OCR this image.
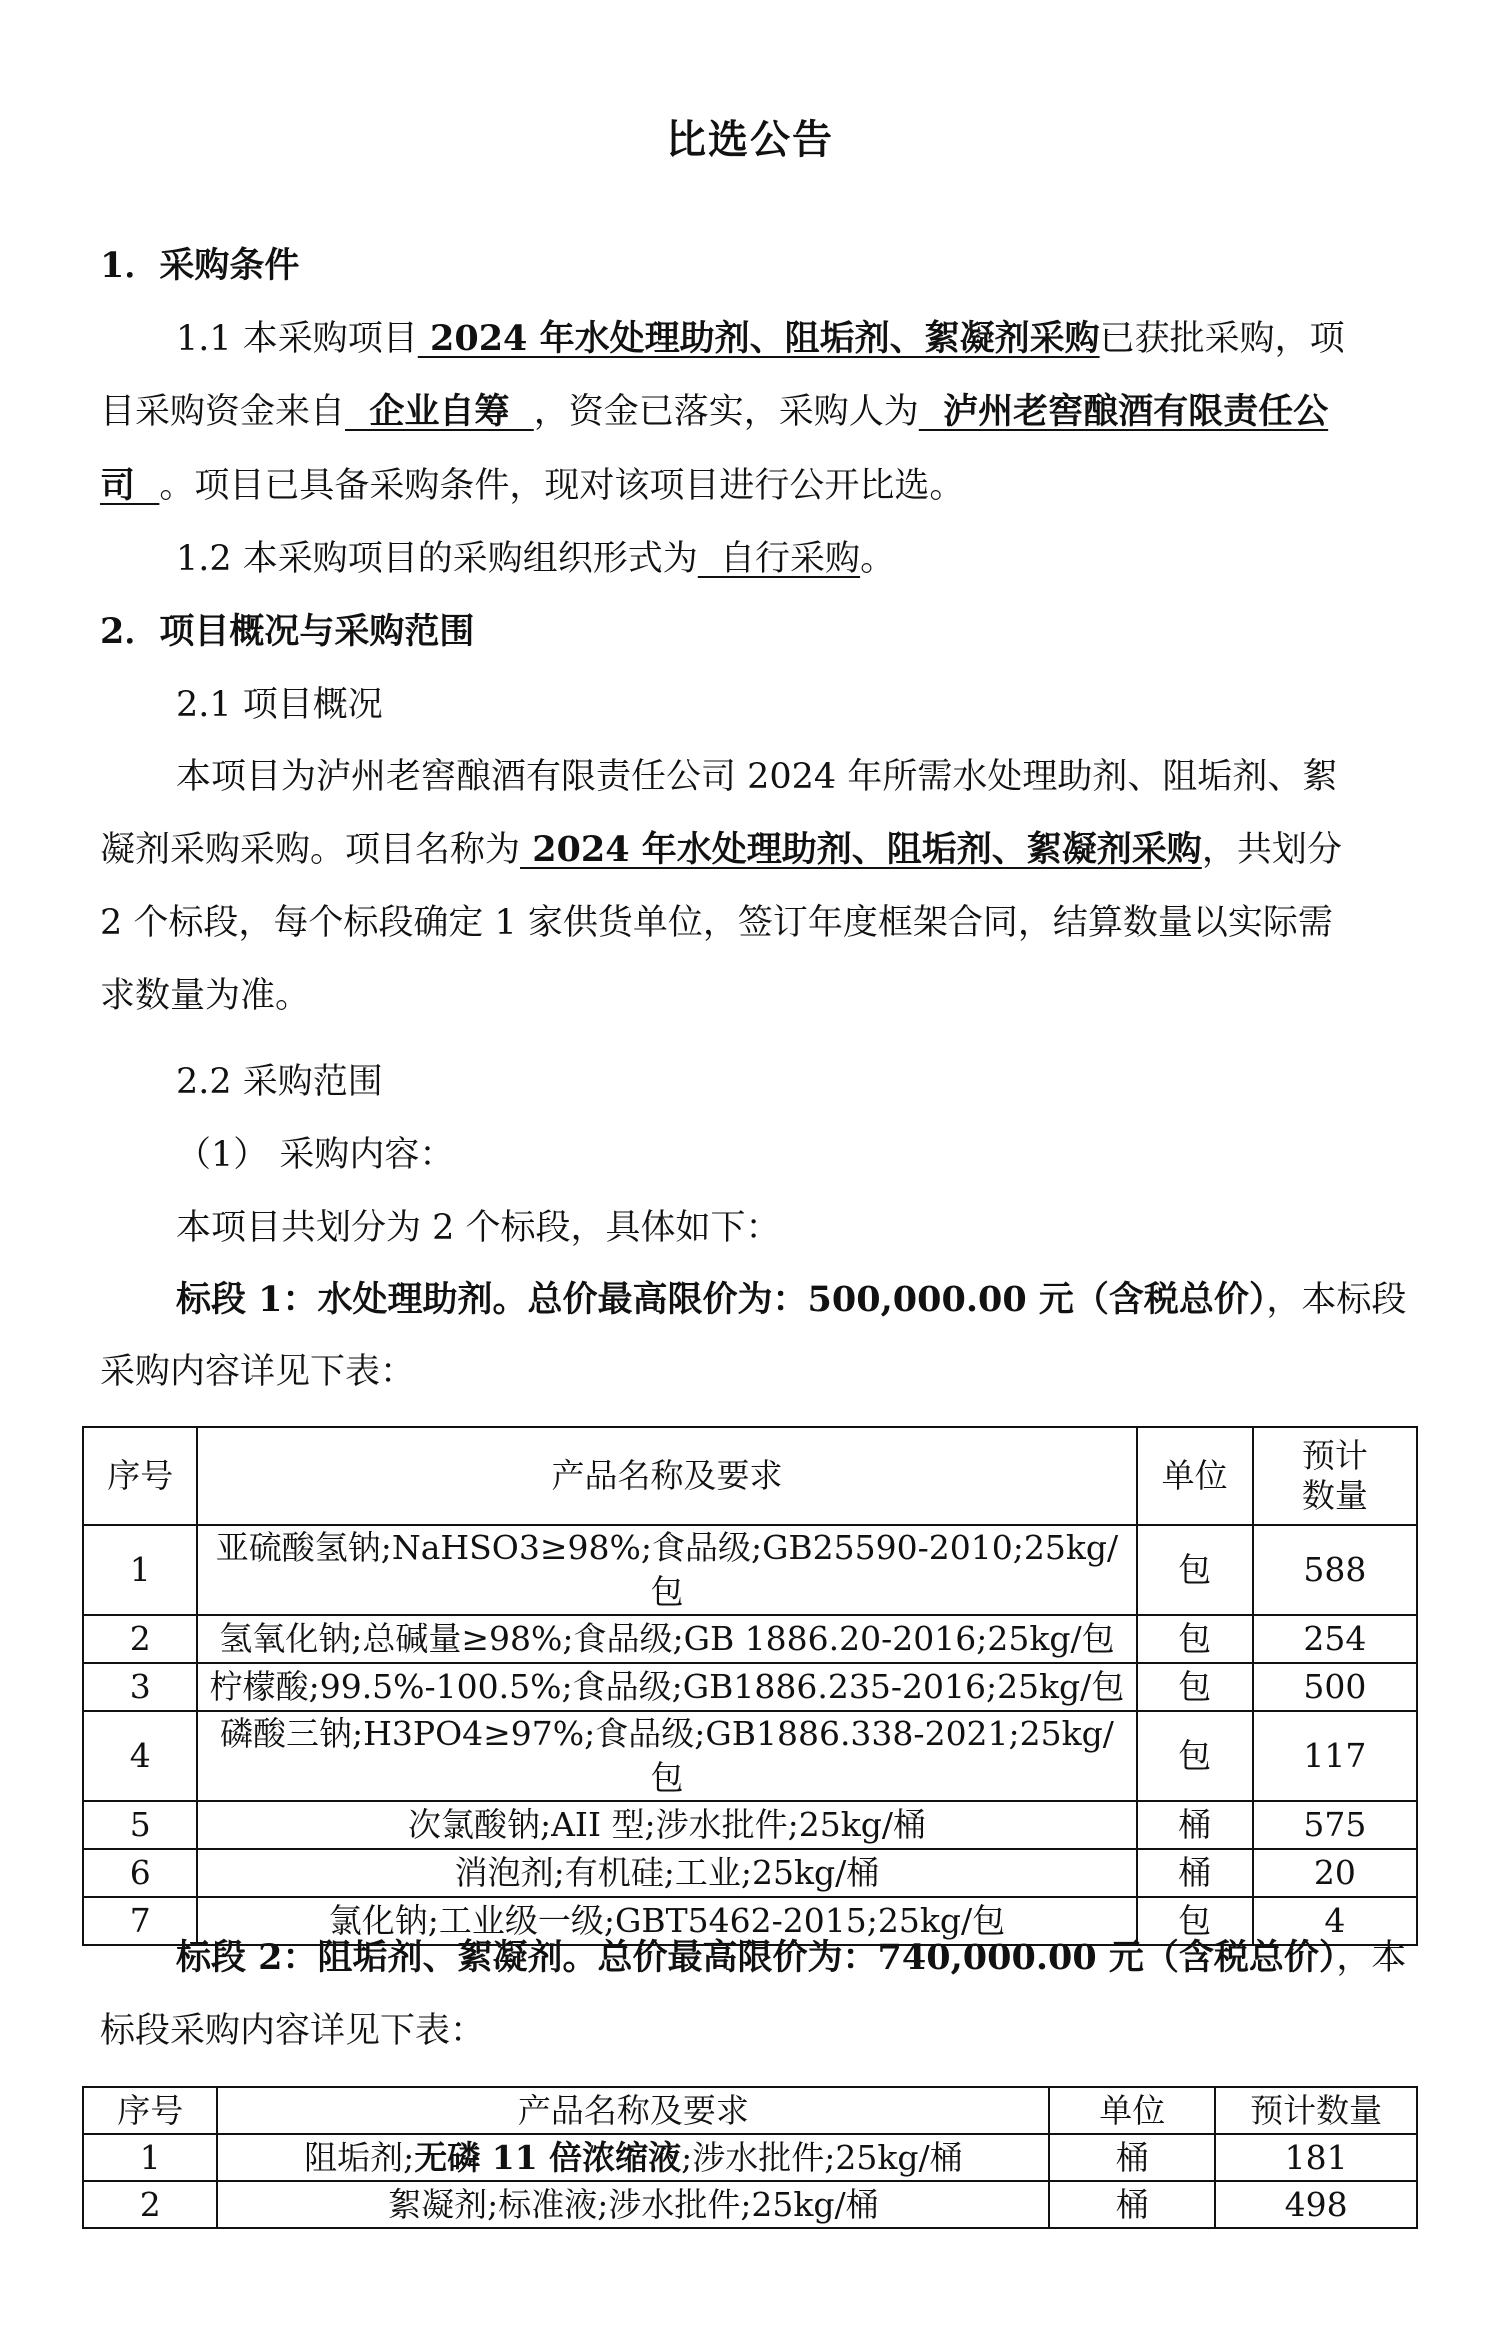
比选公告
1．采购条件
1.1 本采购项目 2024 年水处理助剂、阻垢剂、絮凝剂采购已获批采购，项
目采购资金来自  企业自筹  ，资金已落实，采购人为  泸州老窖酿酒有限责任公
司  。项目已具备采购条件，现对该项目进行公开比选。
1.2 本采购项目的采购组织形式为  自行采购。
2．项目概况与采购范围
2.1 项目概况
本项目为泸州老窖酿酒有限责任公司 2024 年所需水处理助剂、阻垢剂、絮
凝剂采购采购。项目名称为 2024 年水处理助剂、阻垢剂、絮凝剂采购，共划分
2 个标段，每个标段确定 1 家供货单位，签订年度框架合同，结算数量以实际需
求数量为准。
2.2 采购范围
（1） 采购内容：
本项目共划分为 2 个标段，具体如下：
标段 1：水处理助剂。总价最高限价为：500,000.00 元（含税总价），本标段
采购内容详见下表：
序号	产品名称及要求	单位	预计数量
1	亚硫酸氢钠;NaHSO3≥98%;食品级;GB25590-2010;25kg/包	包	588
2	氢氧化钠;总碱量≥98%;食品级;GB 1886.20-2016;25kg/包	包	254
3	柠檬酸;99.5%-100.5%;食品级;GB1886.235-2016;25kg/包	包	500
4	磷酸三钠;H3PO4≥97%;食品级;GB1886.338-2021;25kg/包	包	117
5	次氯酸钠;AII 型;涉水批件;25kg/桶	桶	575
6	消泡剂;有机硅;工业;25kg/桶	桶	20
7	氯化钠;工业级一级;GBT5462-2015;25kg/包	包	4
标段 2：阻垢剂、絮凝剂。总价最高限价为：740,000.00 元（含税总价），本
标段采购内容详见下表：
序号	产品名称及要求	单位	预计数量
1	阻垢剂;无磷 11 倍浓缩液;涉水批件;25kg/桶	桶	181
2	絮凝剂;标准液;涉水批件;25kg/桶	桶	498
